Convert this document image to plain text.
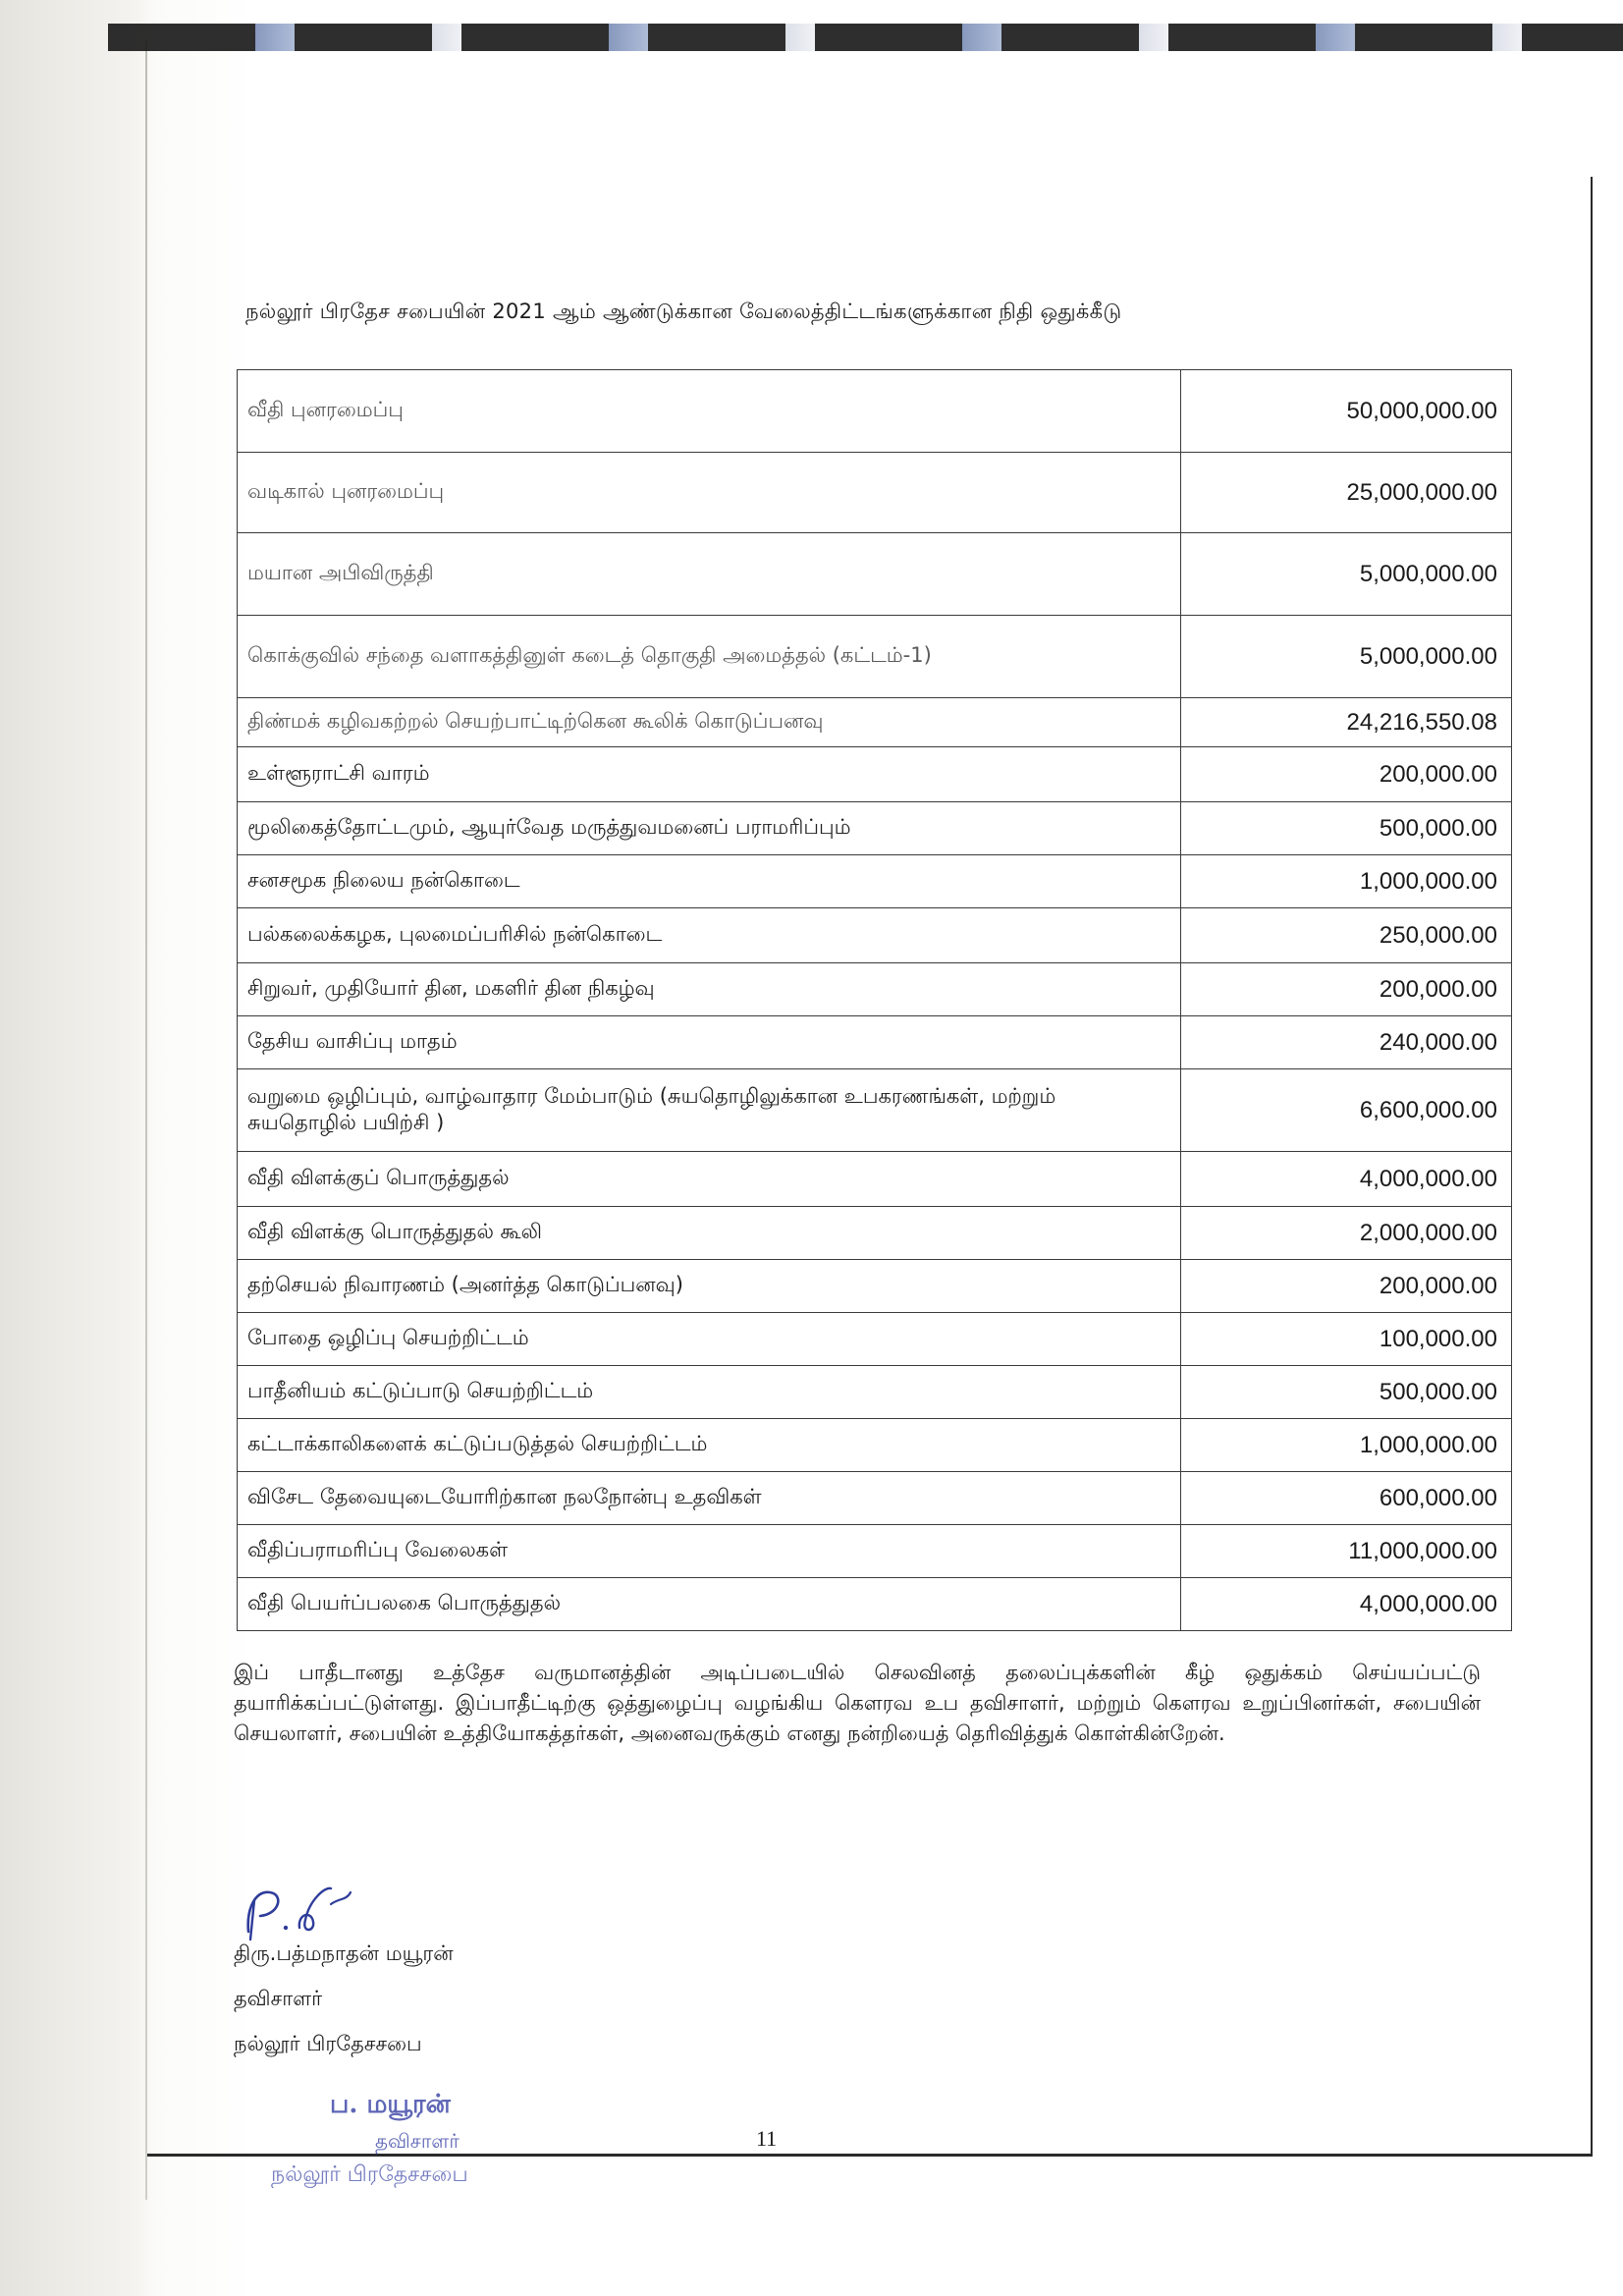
நல்லூர் பிரதேச சபையின் 2021 ஆம் ஆண்டுக்கான வேலைத்திட்டங்களுக்கான நிதி ஒதுக்கீடு
வீதி புனரமைப்பு	50,000,000.00
வடிகால் புனரமைப்பு	25,000,000.00
மயான அபிவிருத்தி	5,000,000.00
கொக்குவில் சந்தை வளாகத்தினுள் கடைத் தொகுதி அமைத்தல் (கட்டம்-1)	5,000,000.00
திண்மக் கழிவகற்றல் செயற்பாட்டிற்கென கூலிக் கொடுப்பனவு	24,216,550.08
உள்ளூராட்சி வாரம்	200,000.00
மூலிகைத்தோட்டமும், ஆயுர்வேத மருத்துவமனைப் பராமரிப்பும்	500,000.00
சனசமூக நிலைய நன்கொடை	1,000,000.00
பல்கலைக்கழக, புலமைப்பரிசில் நன்கொடை	250,000.00
சிறுவர், முதியோர் தின, மகளிர் தின நிகழ்வு	200,000.00
தேசிய வாசிப்பு மாதம்	240,000.00
வறுமை ஒழிப்பும், வாழ்வாதார மேம்பாடும் (சுயதொழிலுக்கான உபகரணங்கள், மற்றும் சுயதொழில் பயிற்சி )	6,600,000.00
வீதி விளக்குப் பொருத்துதல்	4,000,000.00
வீதி விளக்கு பொருத்துதல் கூலி	2,000,000.00
தற்செயல் நிவாரணம் (அனர்த்த கொடுப்பனவு)	200,000.00
போதை ஒழிப்பு செயற்றிட்டம்	100,000.00
பாதீனியம் கட்டுப்பாடு செயற்றிட்டம்	500,000.00
கட்டாக்காலிகளைக் கட்டுப்படுத்தல் செயற்றிட்டம்	1,000,000.00
விசேட தேவையுடையோரிற்கான நலநோன்பு உதவிகள்	600,000.00
வீதிப்பராமரிப்பு வேலைகள்	11,000,000.00
வீதி பெயர்ப்பலகை பொருத்துதல்	4,000,000.00
இப் பாதீடானது உத்தேச வருமானத்தின் அடிப்படையில் செலவினத் தலைப்புக்களின் கீழ் ஒதுக்கம் செய்யப்பட்டு தயாரிக்கப்பட்டுள்ளது. இப்பாதீட்டிற்கு ஒத்துழைப்பு வழங்கிய கௌரவ உப தவிசாளர், மற்றும் கௌரவ உறுப்பினர்கள், சபையின் செயலாளர், சபையின் உத்தியோகத்தர்கள், அனைவருக்கும் எனது நன்றியைத் தெரிவித்துக் கொள்கின்றேன்.
திரு.பத்மநாதன் மயூரன்
தவிசாளர்
நல்லூர் பிரதேசசபை
ப. மயூரன்
தவிசாளர்
நல்லூர் பிரதேசசபை
11
